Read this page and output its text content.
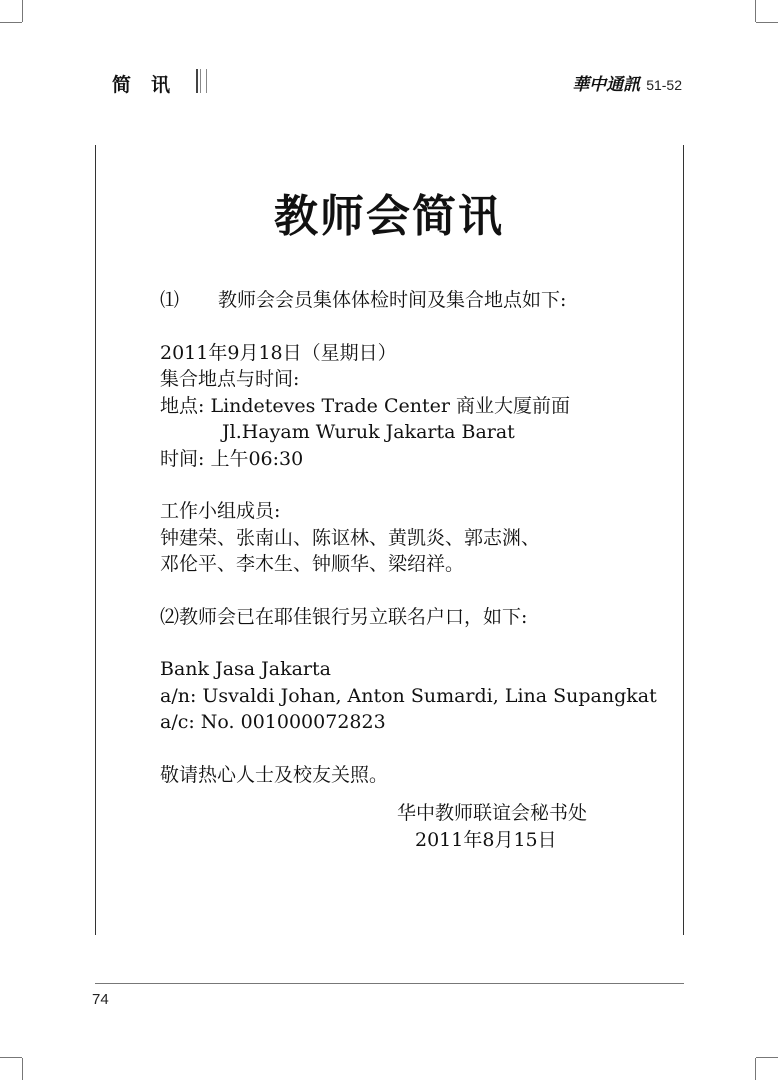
简讯	華中通訊 51-52
教师会简讯
⑴ 教师会会员集体体检时间及集合地点如下:
2011年9月18日（星期日）
集合地点与时间:
地点: Lindeteves Trade Center 商业大厦前面
Jl.Hayam Wuruk Jakarta Barat
时间: 上午06:30
工作小组成员:
钟建荣、张南山、陈讴林、黄凯炎、郭志渊、
邓伦平、李木生、钟顺华、梁绍祥。
⑵教师会已在耶佳银行另立联名户口，如下:
Bank Jasa Jakarta
a/n: Usvaldi Johan, Anton Sumardi, Lina Supangkat
a/c: No. 001000072823
敬请热心人士及校友关照。
华中教师联谊会秘书处
2011年8月15日
74
